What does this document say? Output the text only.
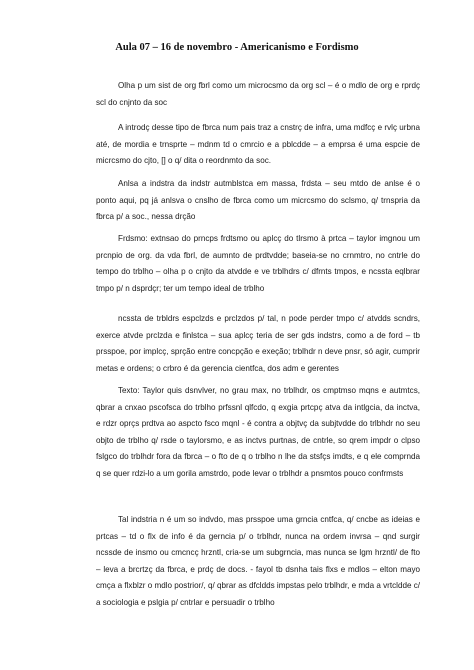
Aula 07 – 16 de novembro - Americanismo e Fordismo

Olha p um sist de org fbrl como um microcsmo da org scl – é o mdlo de org e rprdç scl do cnjnto da soc

A introdç desse tipo de fbrca num pais traz a cnstrç de infra, uma mdfcç e rvlç urbna até, de mordia e trnsprte – mdnm td o cmrcio e a pblcdde – a emprsa é uma espcie de micrcsmo do cjto, [] o q/ dita o reordnmto da soc.

Anlsa a indstra da indstr autmblstca em massa, frdsta – seu mtdo de anlse é o ponto aqui, pq já anlsva o cnslho de fbrca como um micrcsmo do sclsmo, q/ trnspria da fbrca p/ a soc., nessa drção

Frdsmo: extnsao do prncps frdtsmo ou aplcç do tlrsmo à prtca – taylor imgnou um prcnpio de org. da vda fbrl, de aumnto de prdtvdde; baseia-se no crnmtro, no cntrle do tempo do trblho – olha p o cnjto da atvdde e ve trblhdrs c/ dfrnts tmpos, e ncssta eqlbrar tmpo p/ n dsprdçr; ter um tempo ideal de trblho

ncssta de trbldrs espclzds e prclzdos p/ tal, n pode perder tmpo c/ atvdds scndrs, exerce atvde prclzda e finlstca – sua aplcç teria de ser gds indstrs, como a de ford – tb prsspoe, por implcç, sprção entre concpção e exeção; trblhdr n deve pnsr, só agir, cumprir metas e ordens; o crbro é da gerencia cientfca, dos adm e gerentes

Texto: Taylor quis dsnvlver, no grau max, no trblhdr, os cmptmso mqns e autmtcs, qbrar a cnxao pscofsca do trblho prfssnl qlfcdo, q exgia prtcpç atva da intlgcia, da inctva, e rdzr oprçs prdtva ao aspcto fsco mqnl - é contra a objtvç da subjtvdde do trlbhdr no seu objto de trblho q/ rsde o taylorsmo, e as inctvs purtnas, de cntrle, so qrem impdr o clpso fslgco do trblhdr fora da fbrca – o fto de q o trblho n lhe da stsfçs imdts, e q ele comprnda q se quer rdzi-lo a um gorila amstrdo, pode levar o trblhdr a pnsmtos pouco confrmsts

Tal indstria n é um so indvdo, mas prsspoe uma grncia cntfca, q/ cncbe as ideias e prtcas – td o flx de info é da gerncia p/ o trblhdr, nunca na ordem invrsa – qnd surgir ncssde de insmo ou cmcncç hrzntl, cria-se um subgrncia, mas nunca se lgm hrzntl/ de fto – leva a brcrtzç da fbrca, e prdç de docs. - fayol tb dsnha tais flxs e mdlos – elton mayo cmça a flxblzr o mdlo postrior/, q/ qbrar as dfcldds impstas pelo trblhdr, e mda a vrtcldde c/ a sociologia e pslgia p/ cntrlar e persuadir o trblho
